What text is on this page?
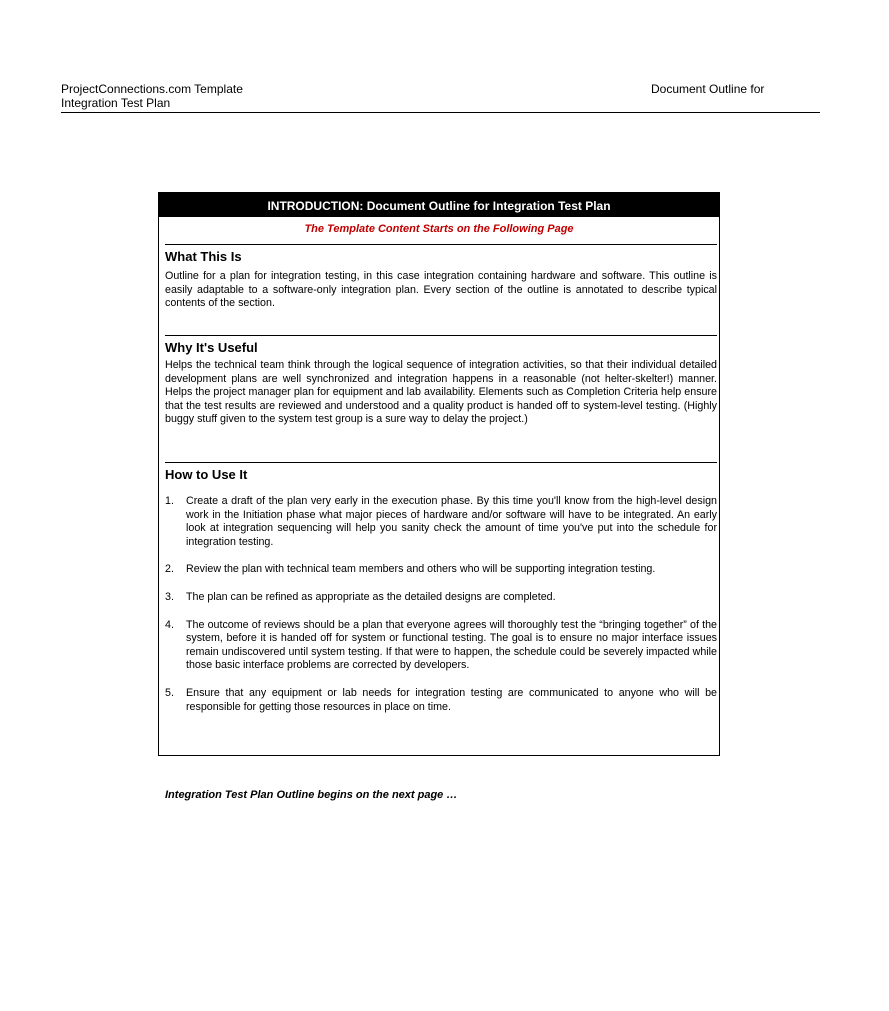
ProjectConnections.com Template
Integration Test Plan
Document Outline for
INTRODUCTION: Document Outline for Integration Test Plan
The Template Content Starts on the Following Page
What This Is
Outline for a plan for integration testing, in this case integration containing hardware and software. This outline is easily adaptable to a software-only integration plan. Every section of the outline is annotated to describe typical contents of the section.
Why It's Useful
Helps the technical team think through the logical sequence of integration activities, so that their individual detailed development plans are well synchronized and integration happens in a reasonable (not helter-skelter!) manner. Helps the project manager plan for equipment and lab availability. Elements such as Completion Criteria help ensure that the test results are reviewed and understood and a quality product is handed off to system-level testing. (Highly buggy stuff given to the system test group is a sure way to delay the project.)
How to Use It
1. Create a draft of the plan very early in the execution phase. By this time you'll know from the high-level design work in the Initiation phase what major pieces of hardware and/or software will have to be integrated. An early look at integration sequencing will help you sanity check the amount of time you've put into the schedule for integration testing.
2. Review the plan with technical team members and others who will be supporting integration testing.
3. The plan can be refined as appropriate as the detailed designs are completed.
4. The outcome of reviews should be a plan that everyone agrees will thoroughly test the “bringing together” of the system, before it is handed off for system or functional testing. The goal is to ensure no major interface issues remain undiscovered until system testing. If that were to happen, the schedule could be severely impacted while those basic interface problems are corrected by developers.
5. Ensure that any equipment or lab needs for integration testing are communicated to anyone who will be responsible for getting those resources in place on time.
Integration Test Plan Outline begins on the next page …
